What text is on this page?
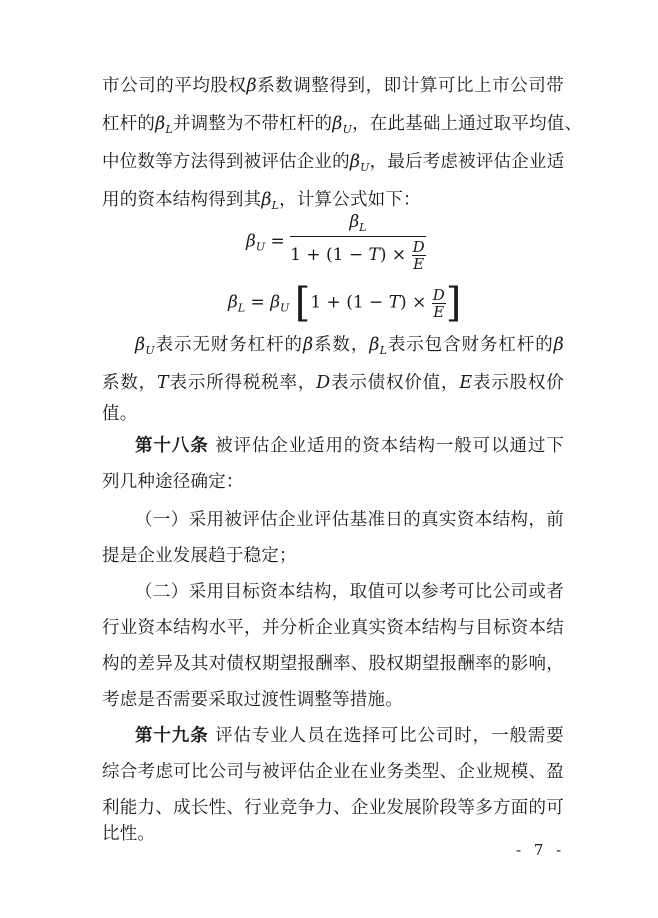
市公司的平均股权β系数调整得到，即计算可比上市公司带
杠杆的$\beta_L$并调整为不带杠杆的$\beta_U$，在此基础上通过取平均值、
中位数等方法得到被评估企业的$\beta_U$，最后考虑被评估企业适
用的资本结构得到其$\beta_L$，计算公式如下：
$\beta_U = \frac{\beta_L}{1 + (1 - T) \times \frac{D}{E}}$
$\beta_L = \beta_U$ [$1 + (1 - T) \times \frac{D}{E}$ ]
$\beta_U$表示无财务杠杆的β系数，$\beta_L$表示包含财务杠杆的β
系数，T表示所得税税率，D表示债权价值，E表示股权价
值。
第十八条 被评估企业适用的资本结构一般可以通过下
列几种途径确定：
（一）采用被评估企业评估基准日的真实资本结构，前
提是企业发展趋于稳定；
（二）采用目标资本结构，取值可以参考可比公司或者
行业资本结构水平，并分析企业真实资本结构与目标资本结
构的差异及其对债权期望报酬率、股权期望报酬率的影响，
考虑是否需要采取过渡性调整等措施。
第十九条 评估专业人员在选择可比公司时，一般需要
综合考虑可比公司与被评估企业在业务类型、企业规模、盈
利能力、成长性、行业竞争力、企业发展阶段等多方面的可
比性。
- 7 -
